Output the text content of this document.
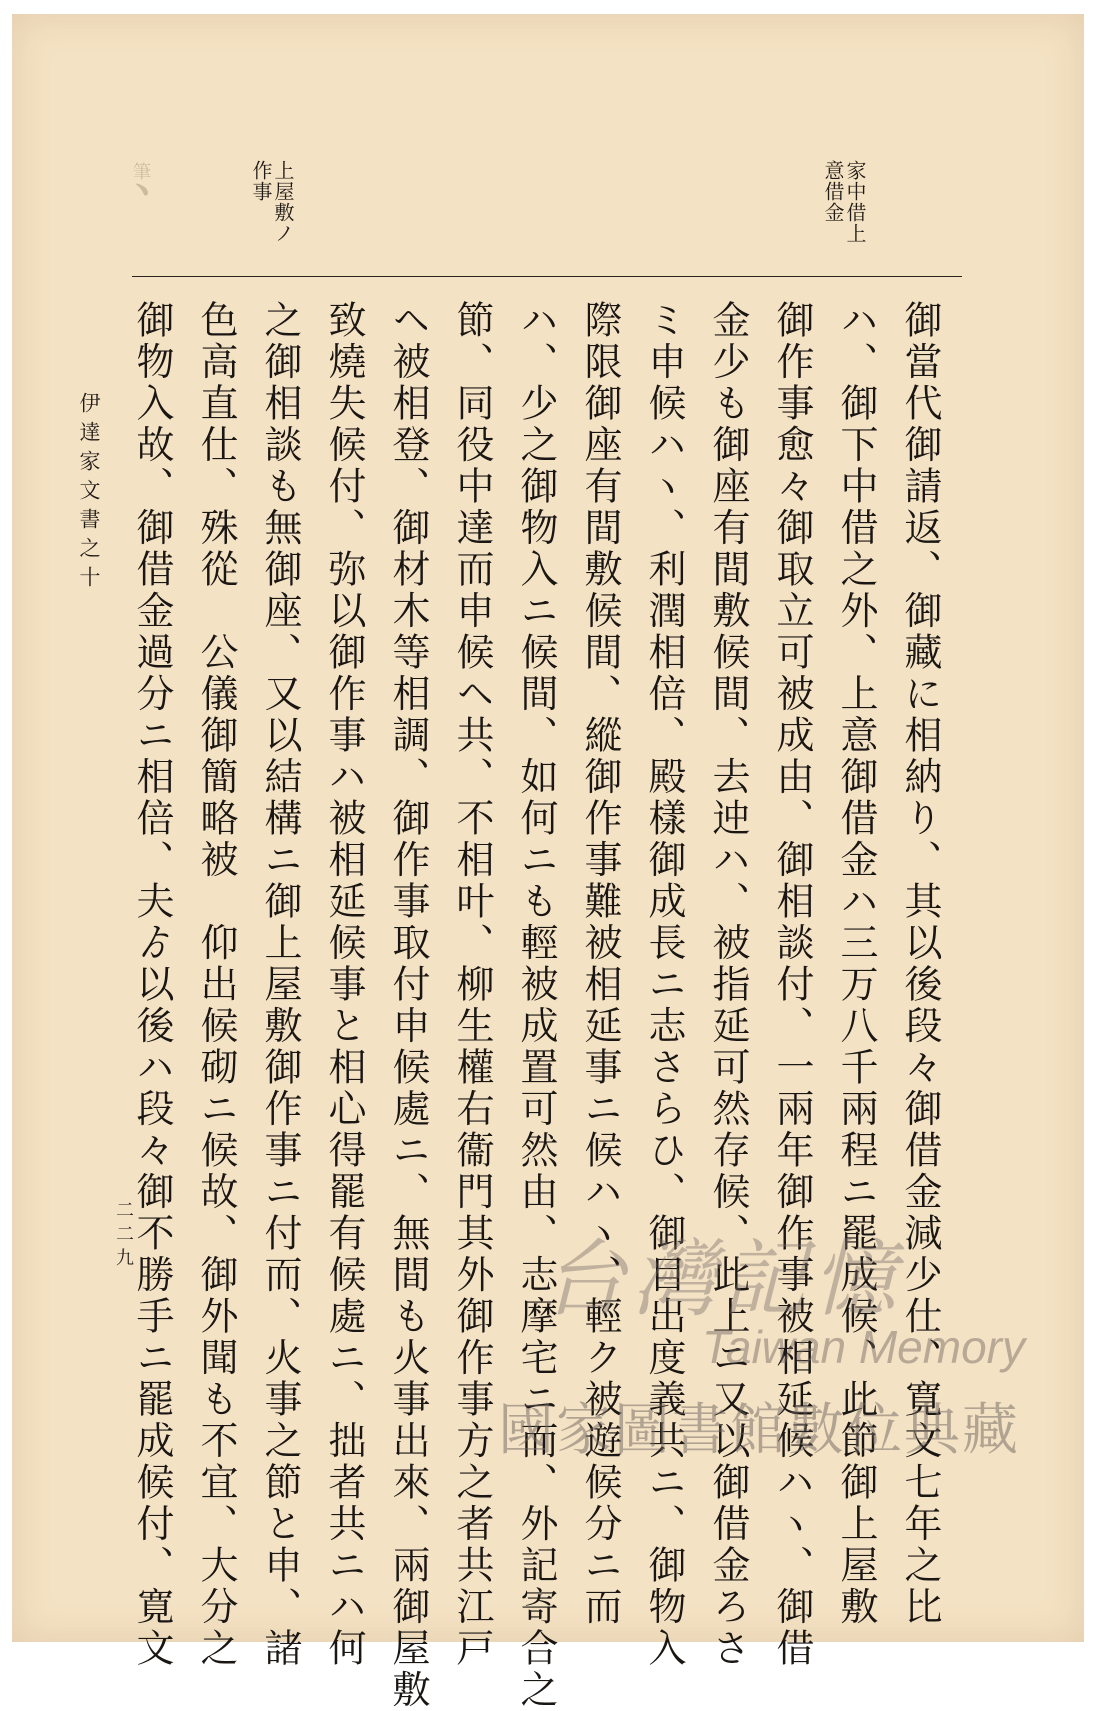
家中借上意借金
筆﹅	上屋敷ノ作事
御當代御請返、御藏に相納り、其以後段々御借金減少仕、寛文七年之比
ハ、御下中借之外、上意御借金ハ三万八千兩程ニ罷成候、此節御上屋敷
御作事愈々御取立可被成由、御相談付、一兩年御作事被相延候ハヽ、御借
金少も御座有間敷候間、去迚ハ、被指延可然存候、此上ニ又以御借金ろさ
ミ申候ハヽ、利潤相倍、殿樣御成長ニ志さらひ、御目出度義共ニ、御物入
際限御座有間敷候間、縱御作事難被相延事ニ候ハヽ、輕ク被遊候分ニ而
ハ、少之御物入ニ候間、如何ニも輕被成置可然由、志摩宅ニ而、外記寄合之
節、同役中達而申候ヘ共、不相叶、柳生權右衞門其外御作事方之者共江戸
ヘ被相登、御材木等相調、御作事取付申候處ニ、無間も火事出來、兩御屋敷
致燒失候付、弥以御作事ハ被相延候事と相心得罷有候處ニ、拙者共ニハ何
之御相談も無御座、又以結構ニ御上屋敷御作事ニ付而、火事之節と申、諸
色高直仕、殊從　公儀御簡略被　仰出候砌ニ候故、御外聞も不宜、大分之
御物入故、御借金過分ニ相倍、夫ゟ以後ハ段々御不勝手ニ罷成候付、寛文
伊達家文書之十
二二九	台灣記憶
Taiwan Memory
國家圖書館數位典藏
